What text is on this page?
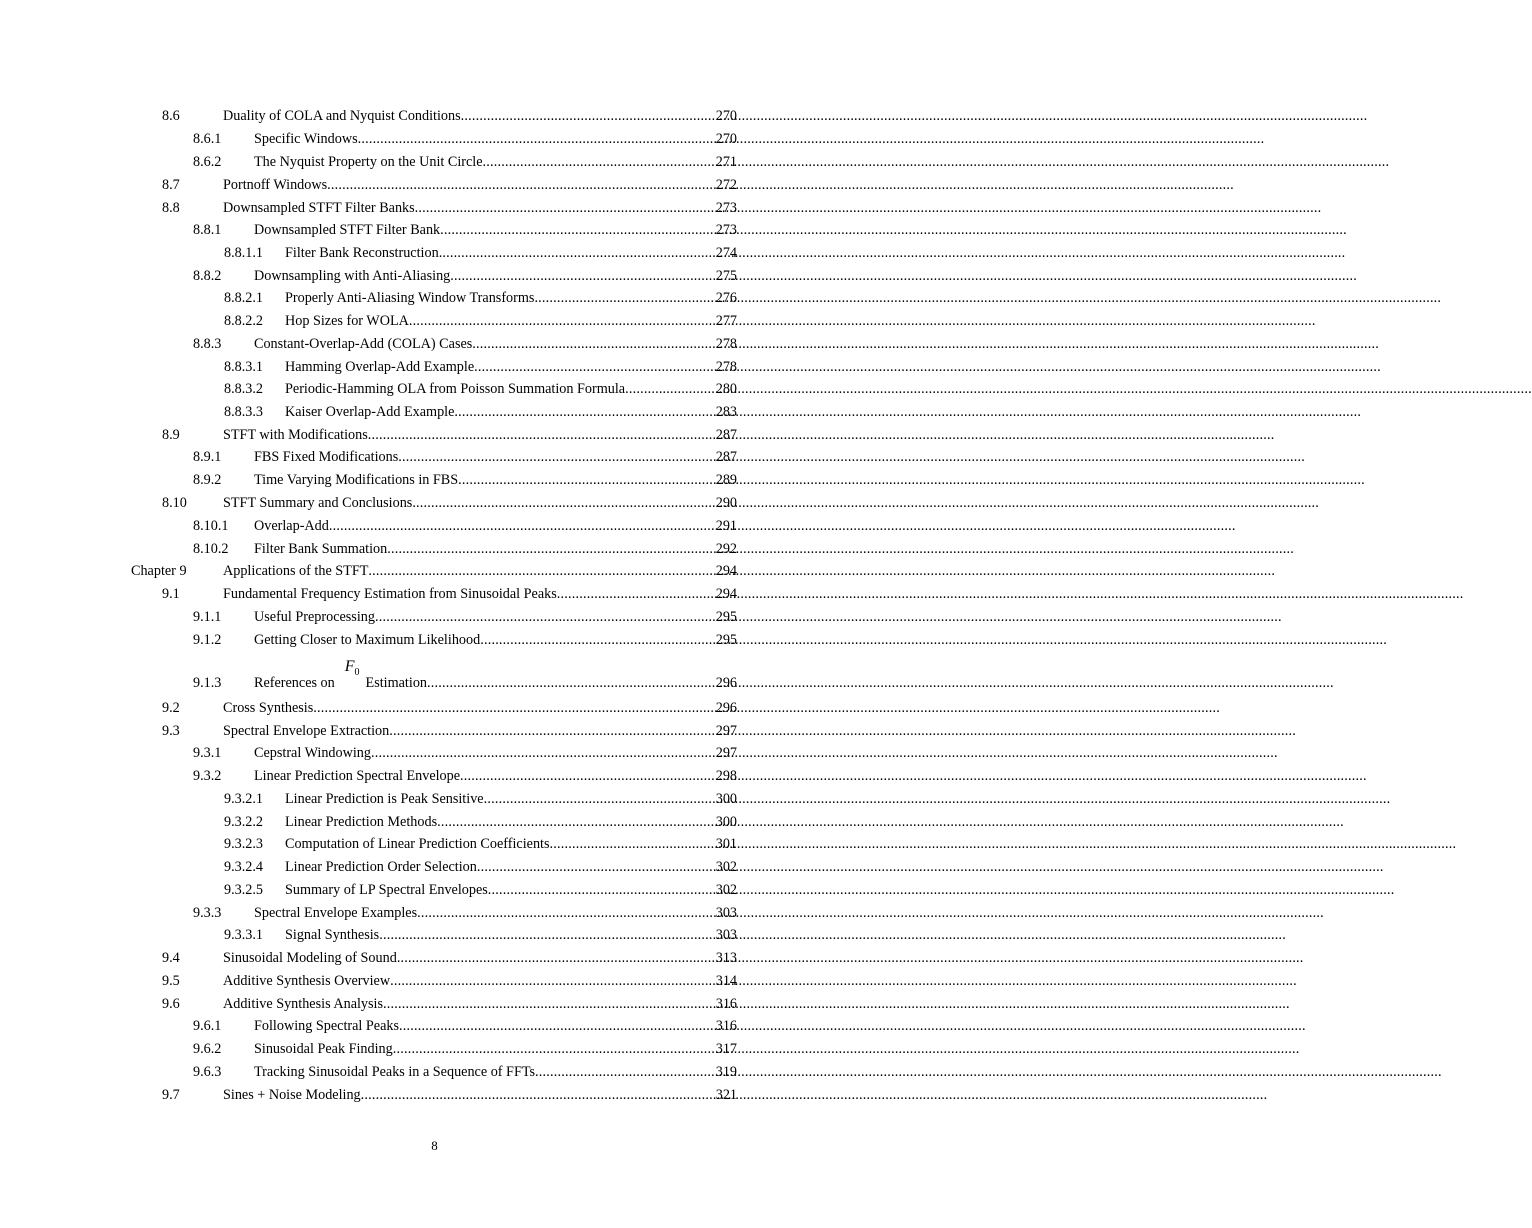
8.6	Duality of COLA and Nyquist Conditions .....	270
8.6.1 Specific Windows .....	270
8.6.2 The Nyquist Property on the Unit Circle .....	271
8.7	Portnoff Windows .....	272
8.8	Downsampled STFT Filter Banks .....	273
8.8.1 Downsampled STFT Filter Bank .....	273
8.8.1.1 Filter Bank Reconstruction .....	274
8.8.2 Downsampling with Anti-Aliasing .....	275
8.8.2.1 Properly Anti-Aliasing Window Transforms .....	276
8.8.2.2 Hop Sizes for WOLA .....	277
8.8.3 Constant-Overlap-Add (COLA) Cases .....	278
8.8.3.1 Hamming Overlap-Add Example .....	278
8.8.3.2 Periodic-Hamming OLA from Poisson Summation Formula .....	280
8.8.3.3 Kaiser Overlap-Add Example .....	283
8.9	STFT with Modifications .....	287
8.9.1 FBS Fixed Modifications .....	287
8.9.2 Time Varying Modifications in FBS .....	289
8.10	STFT Summary and Conclusions .....	290
8.10.1 Overlap-Add .....	291
8.10.2 Filter Bank Summation .....	292
Chapter 9	Applications of the STFT .....	294
9.1	Fundamental Frequency Estimation from Sinusoidal Peaks .....	294
9.1.1 Useful Preprocessing .....	295
9.1.2 Getting Closer to Maximum Likelihood .....	295
9.1.3 References onF$_0$Estimation .....	296
9.2	Cross Synthesis .....	296
9.3	Spectral Envelope Extraction .....	297
9.3.1 Cepstral Windowing .....	297
9.3.2 Linear Prediction Spectral Envelope .....	298
9.3.2.1 Linear Prediction is Peak Sensitive .....	300
9.3.2.2 Linear Prediction Methods .....	300
9.3.2.3 Computation of Linear Prediction Coefficients .....	301
9.3.2.4 Linear Prediction Order Selection .....	302
9.3.2.5 Summary of LP Spectral Envelopes .....	302
9.3.3 Spectral Envelope Examples .....	303
9.3.3.1 Signal Synthesis .....	303
9.4	Sinusoidal Modeling of Sound .....	313
9.5	Additive Synthesis Overview .....	314
9.6	Additive Synthesis Analysis .....	316
9.6.1 Following Spectral Peaks .....	316
9.6.2 Sinusoidal Peak Finding .....	317
9.6.3 Tracking Sinusoidal Peaks in a Sequence of FFTs .....	319
9.7	Sines + Noise Modeling .....	321
8
